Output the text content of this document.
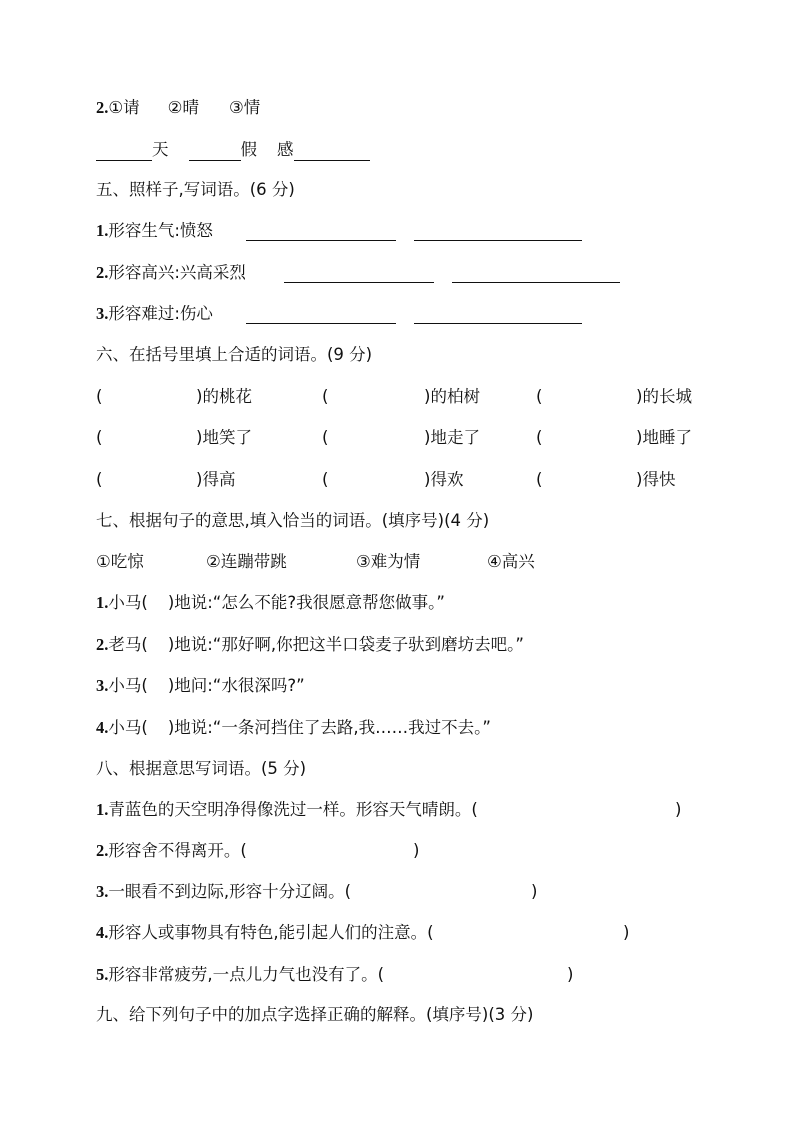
2.①请 ②晴 ③情
天	假 感
五、照样子,写词语。(6 分)
1.形容生气:愤怒
2.形容高兴:兴高采烈
3.形容难过:伤心
六、在括号里填上合适的词语。(9 分)
(	)的桃花	(	)的柏树	(	)的长城
(	)地笑了	(	)地走了	(	)地睡了
(	)得高	(	)得欢	(	)得快
七、根据句子的意思,填入恰当的词语。(填序号)(4 分)
①吃惊	②连蹦带跳	③难为情	④高兴
1.小马( )地说:“怎么不能?我很愿意帮您做事。”
2.老马( )地说:“那好啊,你把这半口袋麦子驮到磨坊去吧。”
3.小马( )地问:“水很深吗?”
4.小马( )地说:“一条河挡住了去路,我……我过不去。”
八、根据意思写词语。(5 分)
1.青蓝色的天空明净得像洗过一样。形容天气晴朗。(	)
2.形容舍不得离开。(	)
3.一眼看不到边际,形容十分辽阔。(	)
4.形容人或事物具有特色,能引起人们的注意。(	)
5.形容非常疲劳,一点儿力气也没有了。(	)
九、给下列句子中的加点字选择正确的解释。(填序号)(3 分)
